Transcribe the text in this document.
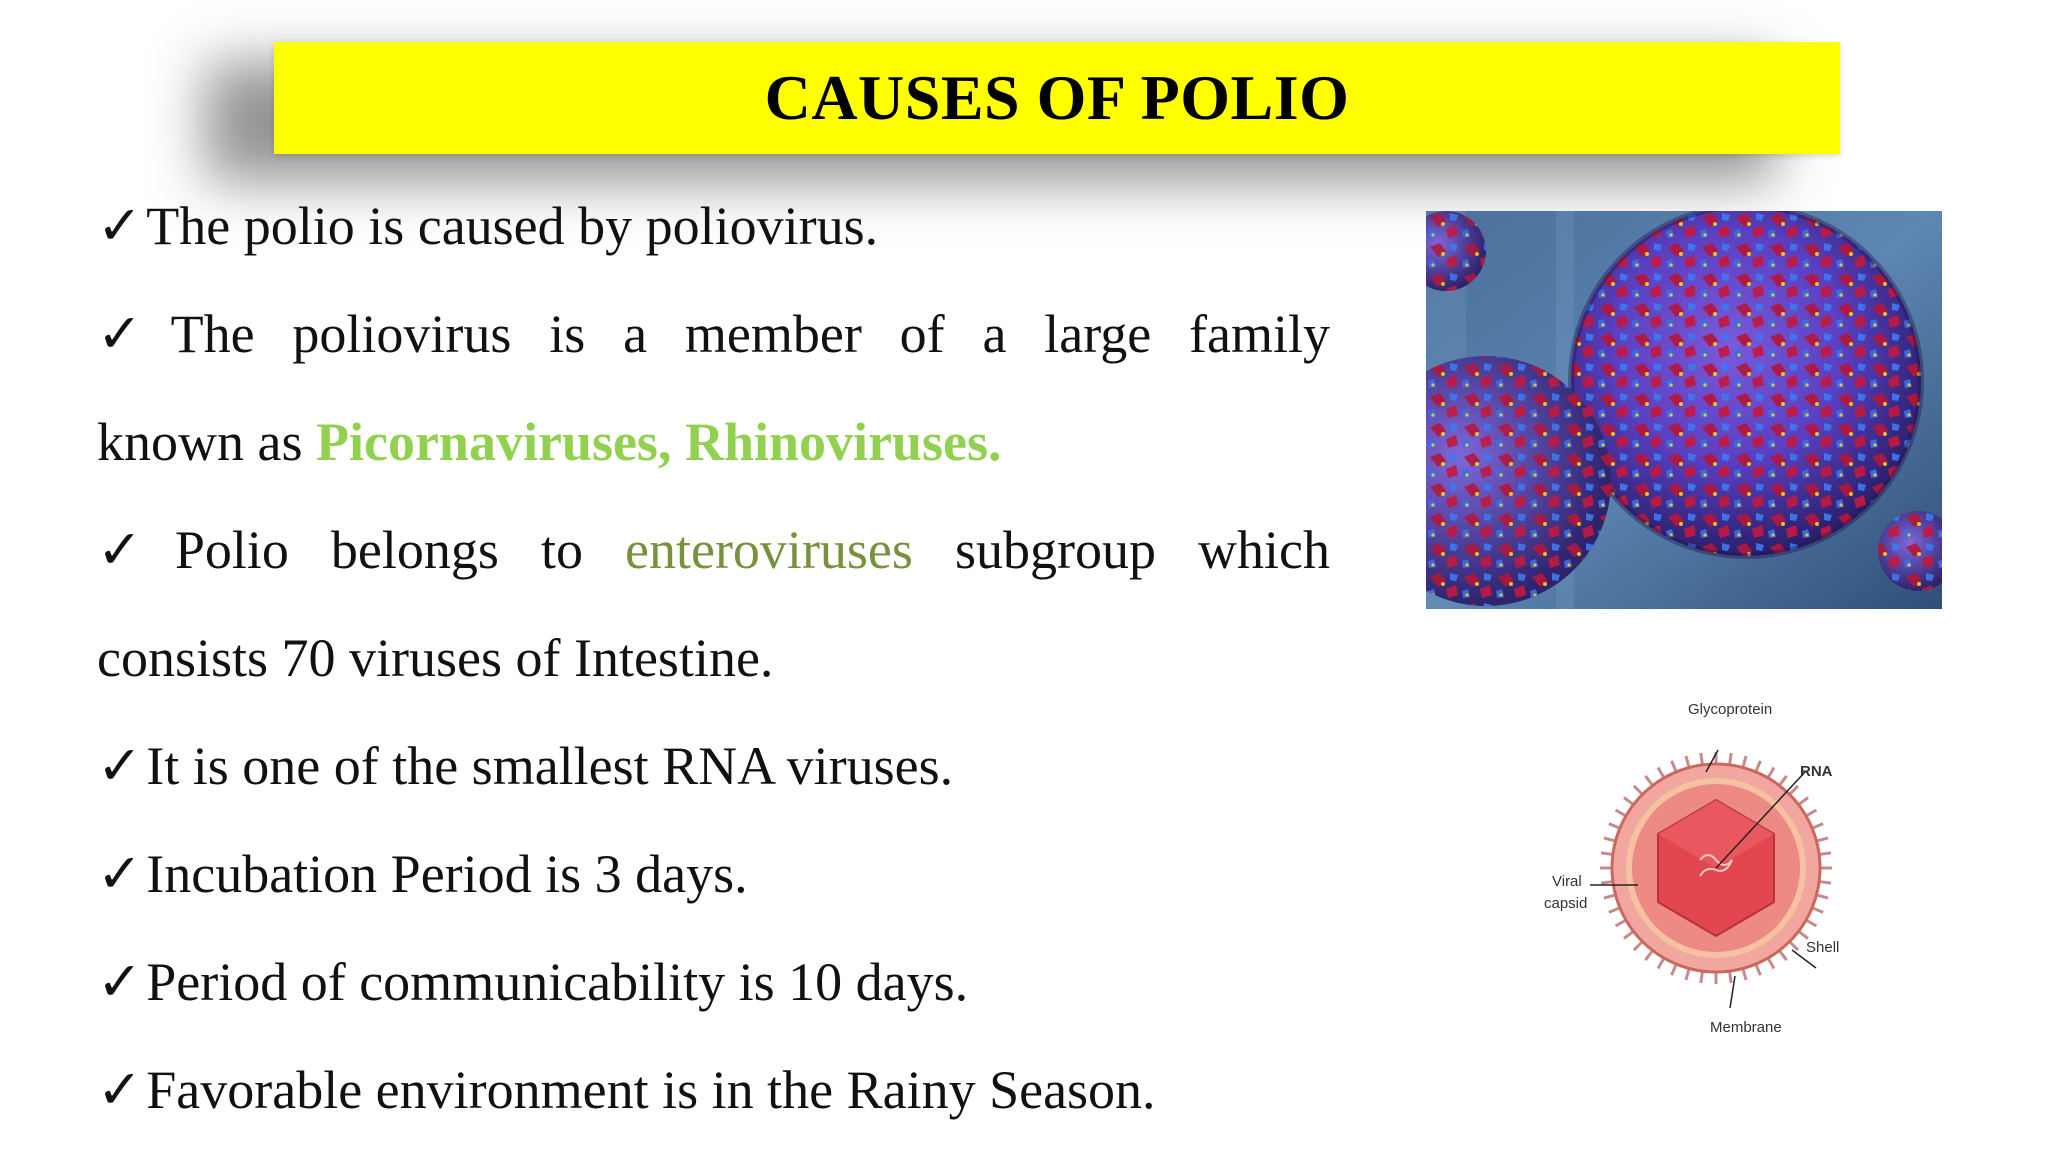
CAUSES OF POLIO

✓The polio is caused by poliovirus.

✓The poliovirus is a member of a large family

known as Picornaviruses, Rhinoviruses.

✓Polio belongs to enteroviruses subgroup which

consists 70 viruses of Intestine.

✓It is one of the smallest RNA viruses.

✓Incubation Period is 3 days.

✓Period of communicability is 10 days.

✓Favorable environment is in the Rainy Season.

Glycoprotein
RNA
Viral
capsid
Shell
Membrane
